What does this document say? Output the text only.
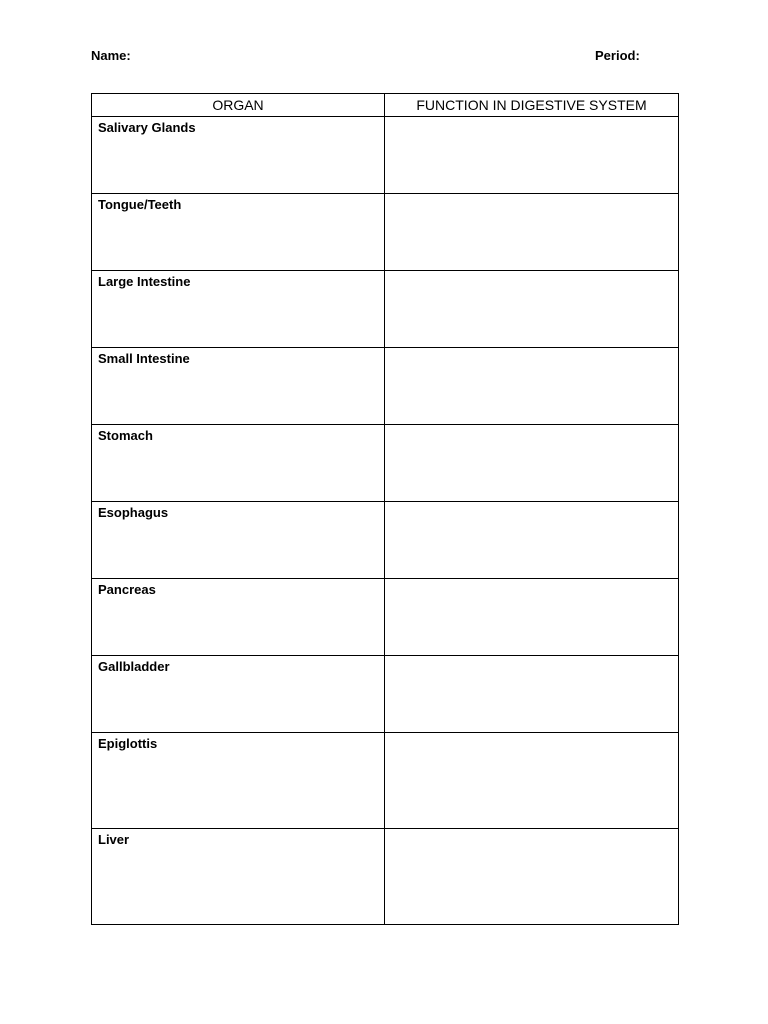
Name:	Period:
ORGAN	FUNCTION IN DIGESTIVE SYSTEM
Salivary Glands	
Tongue/Teeth	
Large Intestine	
Small Intestine	
Stomach	
Esophagus	
Pancreas	
Gallbladder	
Epiglottis	
Liver	
